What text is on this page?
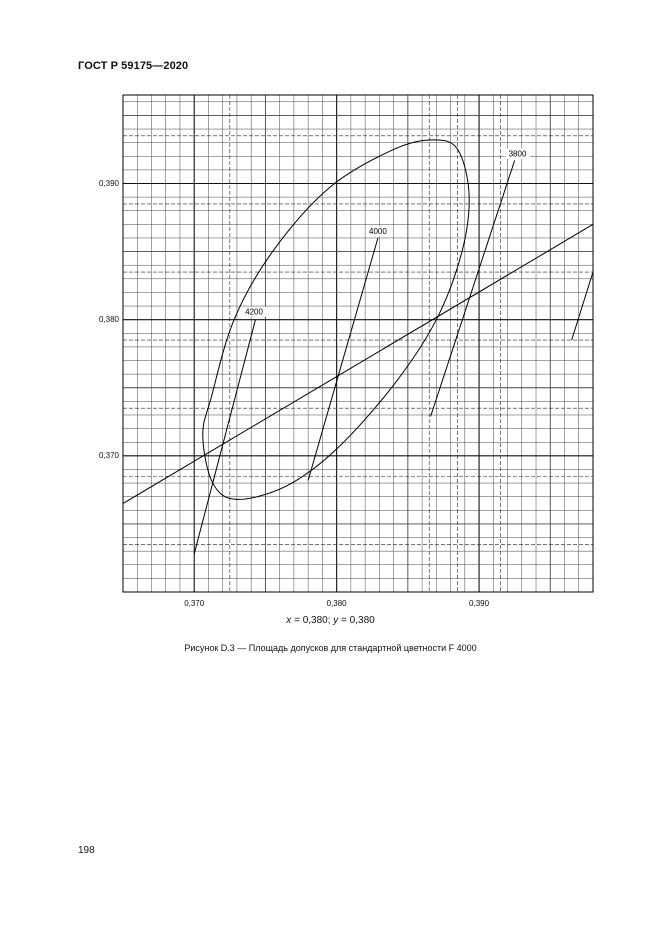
ГОСТ Р 59175—2020
4200
4000
3800
0,370
0,380
0,390
0,370	0,380	0,390
x = 0,380; y = 0,380
Рисунок D.3 — Площадь допусков для стандартной цветности F 4000
198
